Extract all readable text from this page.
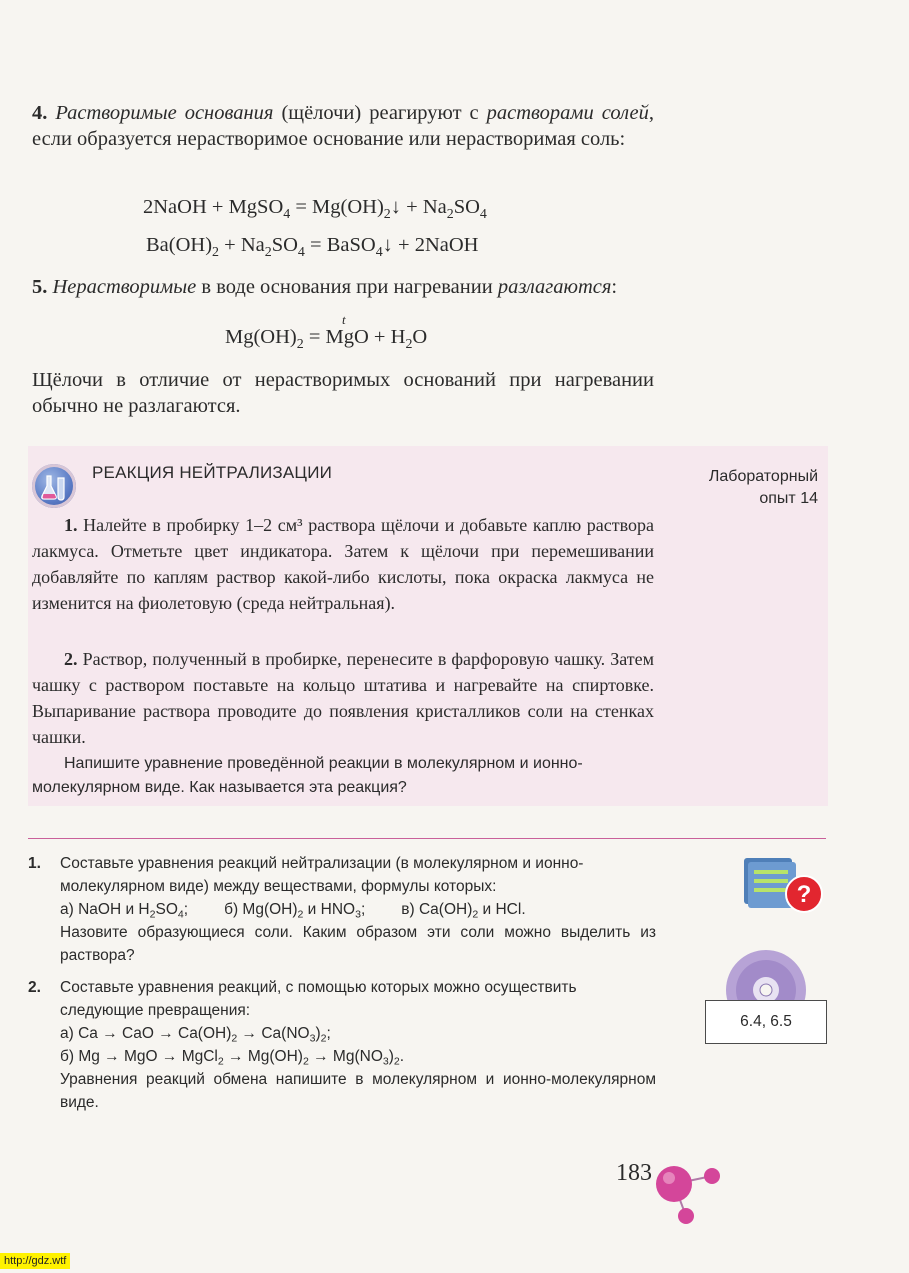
4. Растворимые основания (щёлочи) реагируют с растворами солей, если образуется нерастворимое основание или нерастворимая соль:
2NaOH + MgSO$_4$ = $Mg(OH)_2↓ + Na_2SO_4$
$Ba(OH)_2 + Na_2SO_4$ = BaSO$_4$↓ + 2NaOH
5. Нерастворимые в воде основания при нагревании разлагаются:
t
$Mg(OH)_2$ = MgO + $H_2O$
Щёлочи в отличие от нерастворимых оснований при нагревании обычно не разлагаются.
РЕАКЦИЯ НЕЙТРАЛИЗАЦИИ	Лабораторный
опыт 14
1. Налейте в пробирку 1–2 см³ раствора щёлочи и добавьте каплю раствора лакмуса. Отметьте цвет индикатора. Затем к щёлочи при перемешивании добавляйте по каплям раствор какой-либо кислоты, пока окраска лакмуса не изменится на фиолетовую (среда нейтральная).
2. Раствор, полученный в пробирке, перенесите в фарфоровую чашку. Затем чашку с раствором поставьте на кольцо штатива и нагревайте на спиртовке. Выпаривание раствора проводите до появления кристалликов соли на стенках чашки.
Напишите уравнение проведённой реакции в молекулярном и ионно-молекулярном виде. Как называется эта реакция?
1. Составьте уравнения реакций нейтрализации (в молекулярном и ионно-молекулярном виде) между веществами, формулы которых:
а) NaOH и $H_2SO_4$; б) $Mg(OH)_2$ и $HNO_3$; в) $Ca(OH)_2$ и HCl.
Назовите образующиеся соли. Каким образом эти соли можно выделить из раствора?
2. Составьте уравнения реакций, с помощью которых можно осуществить следующие превращения:
а) Ca → CaO → $Ca(OH)_2 \to Ca(NO_3)_2$;
б) Mg → MgO → MgCl$_2$ → $Mg(OH)_2 \to Mg(NO_3)_2$.
Уравнения реакций обмена напишите в молекулярном и ионно-молекулярном виде.
?
6.4, 6.5
183
http://gdz.wtf
